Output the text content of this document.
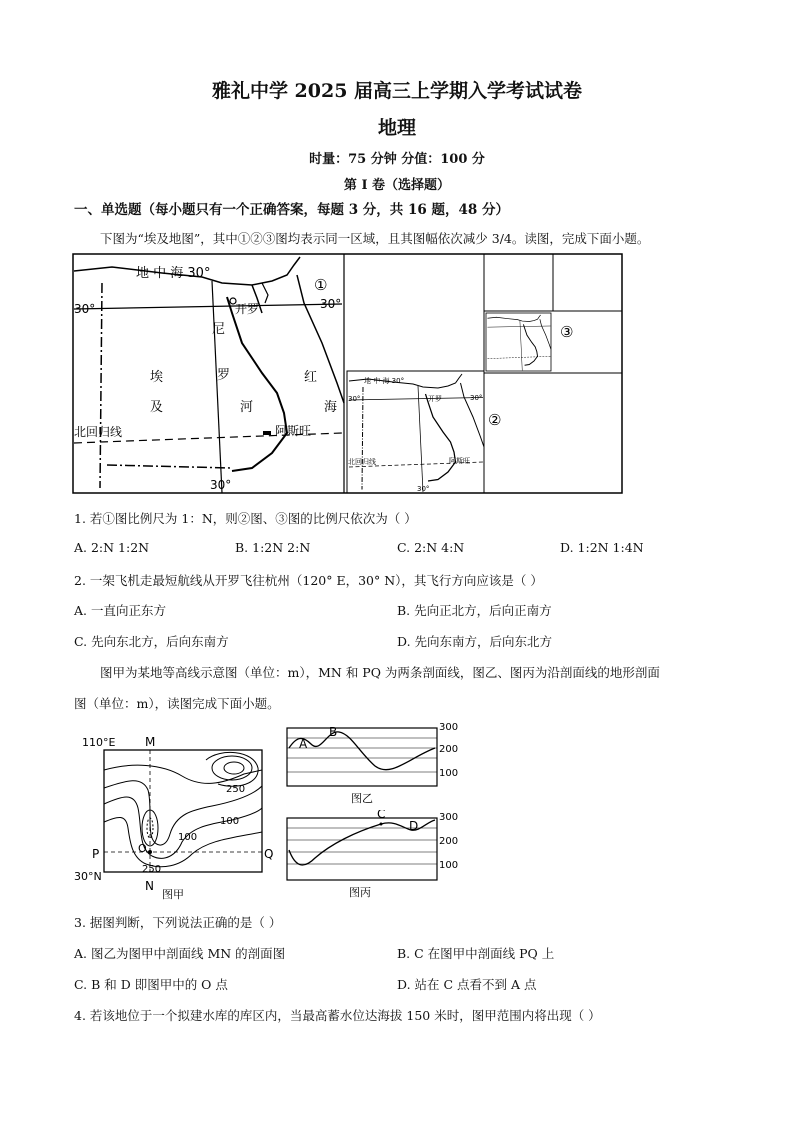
雅礼中学 2025 届高三上学期入学考试试卷
地理
时量：75 分钟 分值：100 分
第 I 卷（选择题）
一、单选题（每小题只有一个正确答案，每题 3 分，共 16 题，48 分）
下图为“埃及地图”，其中①②③图均表示同一区域，且其图幅依次减少 3/4。读图，完成下面小题。
地 中 海 30°
30°	30°
①
开罗
尼
罗
河
埃
及
红
海
阿斯旺
北回归线
30°
地 中 海 30°
30°	30°
开罗
阿斯旺
北回归线
30°
②
③
1. 若①图比例尺为 1：N，则②图、③图的比例尺依次为（ ）
A. 2:N 1:2N	B. 1:2N 2:N	C. 2:N 4:N	D. 1:2N 1:4N
2. 一架飞机走最短航线从开罗飞往杭州（120° E，30° N），其飞行方向应该是（ ）
A. 一直向正东方	B. 先向正北方，后向正南方
C. 先向东北方，后向东南方	D. 先向东南方，后向东北方
图甲为某地等高线示意图（单位：m），MN 和 PQ 为两条剖面线，图乙、图丙为沿剖面线的地形剖面
图（单位：m），读图完成下面小题。
110°E M
N
P	Q
O
30°N
250
100
100
250
图甲
A
B	300
200
100
图乙
C
D
300
200
100
图丙
3. 据图判断，下列说法正确的是（ ）
A. 图乙为图甲中剖面线 MN 的剖面图	B. C 在图甲中剖面线 PQ 上
C. B 和 D 即图甲中的 O 点	D. 站在 C 点看不到 A 点
4. 若该地位于一个拟建水库的库区内，当最高蓄水位达海拔 150 米时，图甲范围内将出现（ ）
